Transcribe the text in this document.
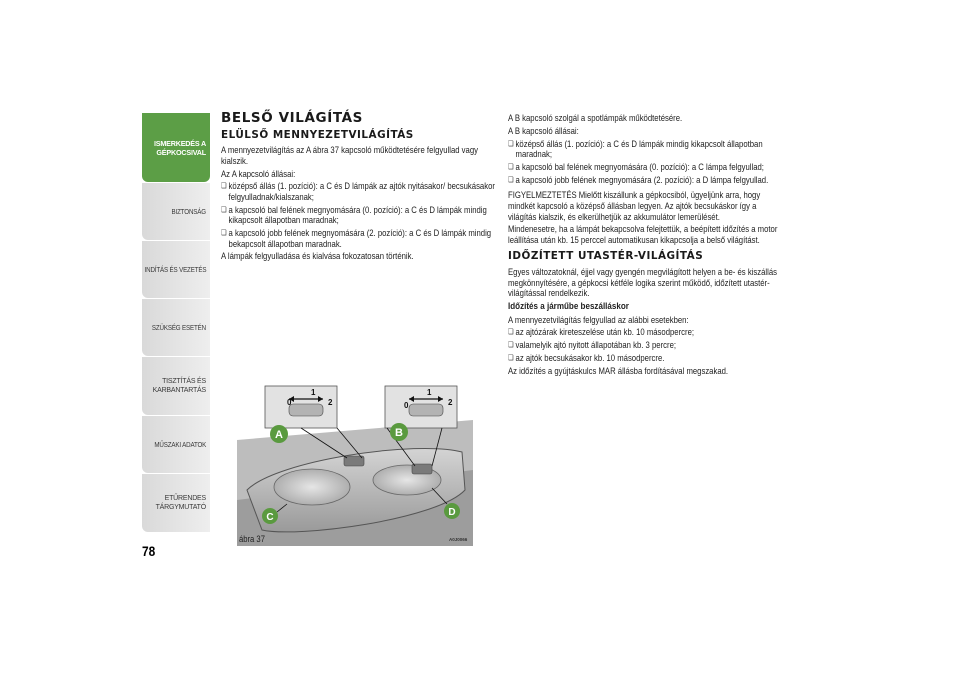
ISMERKEDÉS A GÉPKOCSIVAL
BIZTONSÁG
INDÍTÁS ÉS VEZETÉS
SZÜKSÉG ESETÉN
TISZTÍTÁS ÉS KARBANTARTÁS
MŰSZAKI ADATOK
ETŰRENDES TÁRGYMUTATÓ
78
BELSŐ VILÁGÍTÁS
ELÜLSŐ MENNYEZETVILÁGÍTÁS

A mennyezetvilágítás az A ábra 37 kapcsoló működtetésére felgyullad vagy kialszik.

Az A kapcsoló állásai:

❏ középső állás (1. pozíció): a C és D lámpák az ajtók nyitásakor/ becsukásakor felgyulladnak/kialszanak;

❏ a kapcsoló bal felének megnyomására (0. pozíció): a C és D lámpák mindig kikapcsolt állapotban maradnak;

❏ a kapcsoló jobb felének megnyomására (2. pozíció): a C és D lámpák mindig bekapcsolt állapotban maradnak.

A lámpák felgyulladása és kialvása fokozatosan történik.

0
1
2	0
1
2
A	B
C	D
ábra 37	A0J0066

A B kapcsoló szolgál a spotlámpák működtetésére.

A B kapcsoló állásai:

❏ középső állás (1. pozíció): a C és D lámpák mindig kikapcsolt állapotban maradnak;

❏ a kapcsoló bal felének megnyomására (0. pozíció): a C lámpa felgyullad;

❏ a kapcsoló jobb felének megnyomására (2. pozíció): a D lámpa felgyullad.

FIGYELMEZTETÉS Mielőtt kiszállunk a gépkocsiból, ügyeljünk arra, hogy mindkét kapcsoló a középső állásban legyen. Az ajtók becsukáskor így a világítás kialszik, és elkerülhetjük az akkumulátor lemerülését.

Mindenesetre, ha a lámpát bekapcsolva felejtettük, a beépített időzítés a motor leállítása után kb. 15 perccel automatikusan kikapcsolja a belső világítást.

IDŐZÍTETT UTASTÉR-VILÁGÍTÁS

Egyes változatoknál, éjjel vagy gyengén megvilágított helyen a be- és kiszállás megkönnyítésére, a gépkocsi kétféle logika szerint működő, időzített utastér-világítással rendelkezik.

Időzítés a járműbe beszálláskor

A mennyezetvilágítás felgyullad az alábbi esetekben:

❏ az ajtózárak kireteszelése után kb. 10 másodpercre;

❏ valamelyik ajtó nyitott állapotában kb. 3 percre;

❏ az ajtók becsukásakor kb. 10 másodpercre.

Az időzítés a gyújtáskulcs MAR állásba fordításával megszakad.
